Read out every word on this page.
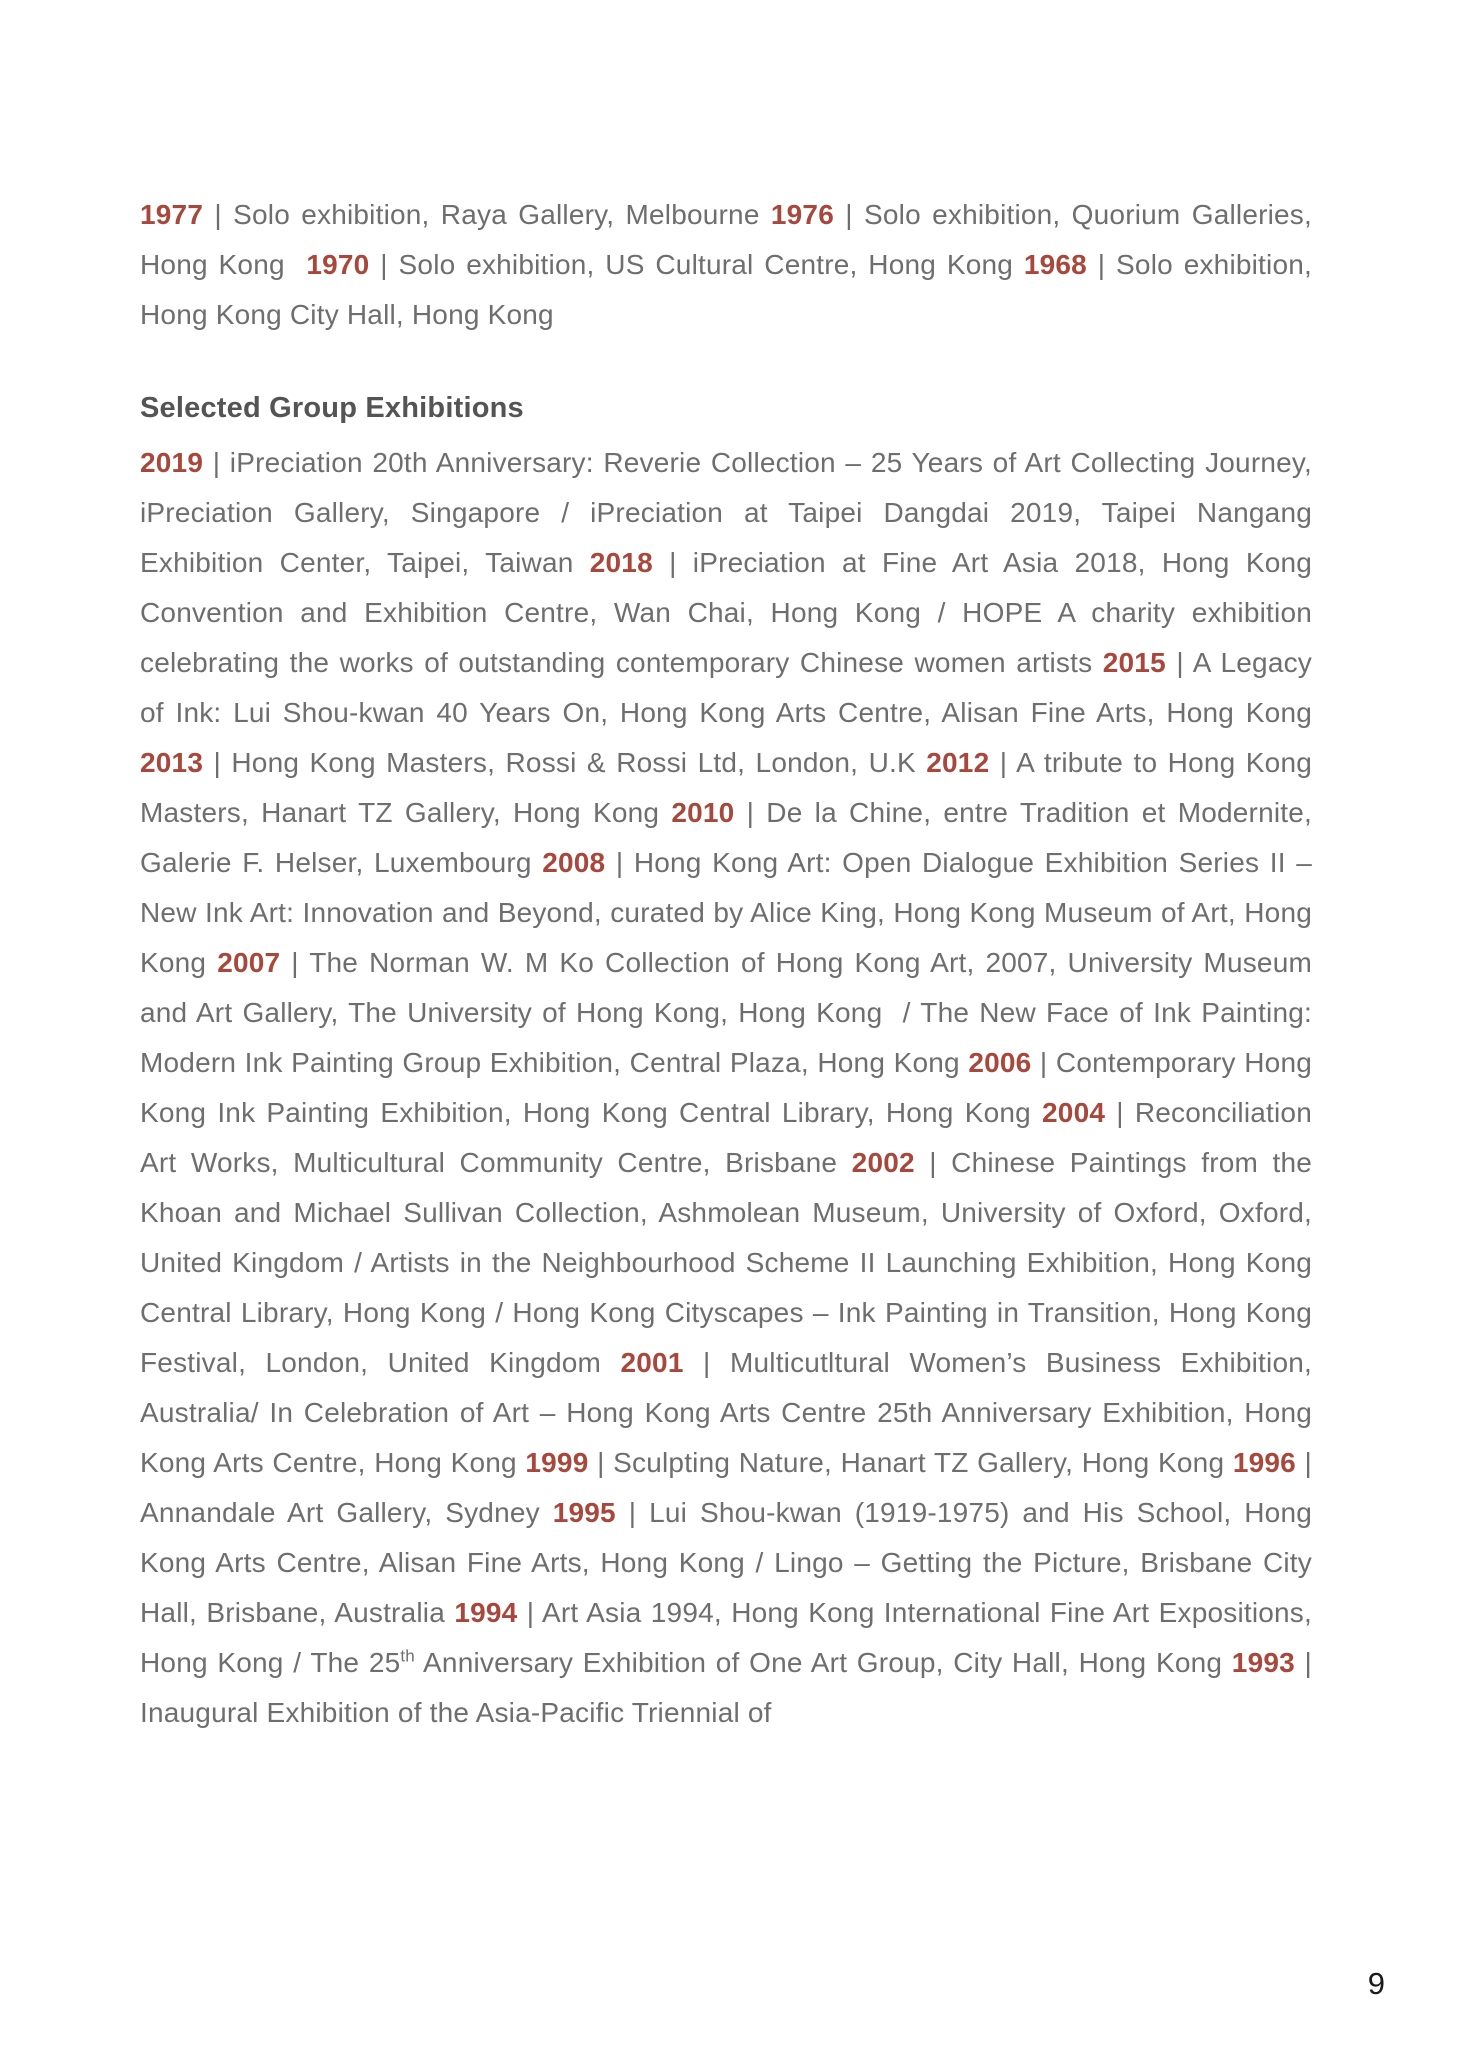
1977 | Solo exhibition, Raya Gallery, Melbourne 1976 | Solo exhibition, Quorium Galleries, Hong Kong  1970 | Solo exhibition, US Cultural Centre, Hong Kong 1968 | Solo exhibition, Hong Kong City Hall, Hong Kong

Selected Group Exhibitions

2019 | iPreciation 20th Anniversary: Reverie Collection – 25 Years of Art Collecting Journey, iPreciation Gallery, Singapore / iPreciation at Taipei Dangdai 2019, Taipei Nangang Exhibition Center, Taipei, Taiwan 2018 | iPreciation at Fine Art Asia 2018, Hong Kong Convention and Exhibition Centre, Wan Chai, Hong Kong / HOPE A charity exhibition celebrating the works of outstanding contemporary Chinese women artists 2015 | A Legacy of Ink: Lui Shou-kwan 40 Years On, Hong Kong Arts Centre, Alisan Fine Arts, Hong Kong 2013 | Hong Kong Masters, Rossi & Rossi Ltd, London, U.K 2012 | A tribute to Hong Kong Masters, Hanart TZ Gallery, Hong Kong 2010 | De la Chine, entre Tradition et Modernite, Galerie F. Helser, Luxembourg 2008 | Hong Kong Art: Open Dialogue Exhibition Series II – New Ink Art: Innovation and Beyond, curated by Alice King, Hong Kong Museum of Art, Hong Kong 2007 | The Norman W. M Ko Collection of Hong Kong Art, 2007, University Museum and Art Gallery, The University of Hong Kong, Hong Kong  / The New Face of Ink Painting: Modern Ink Painting Group Exhibition, Central Plaza, Hong Kong 2006 | Contemporary Hong Kong Ink Painting Exhibition, Hong Kong Central Library, Hong Kong 2004 | Reconciliation Art Works, Multicultural Community Centre, Brisbane 2002 | Chinese Paintings from the Khoan and Michael Sullivan Collection, Ashmolean Museum, University of Oxford, Oxford, United Kingdom / Artists in the Neighbourhood Scheme II Launching Exhibition, Hong Kong Central Library, Hong Kong / Hong Kong Cityscapes – Ink Painting in Transition, Hong Kong Festival, London, United Kingdom 2001 | Multicutltural Women’s Business Exhibition, Australia/ In Celebration of Art – Hong Kong Arts Centre 25th Anniversary Exhibition, Hong Kong Arts Centre, Hong Kong 1999 | Sculpting Nature, Hanart TZ Gallery, Hong Kong 1996 | Annandale Art Gallery, Sydney 1995 | Lui Shou-kwan (1919-1975) and His School, Hong Kong Arts Centre, Alisan Fine Arts, Hong Kong / Lingo – Getting the Picture, Brisbane City Hall, Brisbane, Australia 1994 | Art Asia 1994, Hong Kong International Fine Art Expositions, Hong Kong / The 25th Anniversary Exhibition of One Art Group, City Hall, Hong Kong 1993 | Inaugural Exhibition of the Asia-Pacific Triennial of

9
